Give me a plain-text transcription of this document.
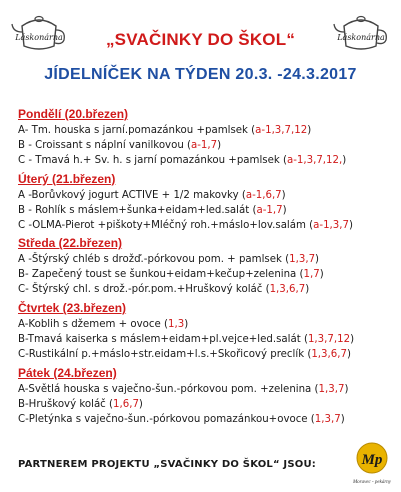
Láskonárna	Láskonárna
„SVAČINKY DO ŠKOL“
JÍDELNÍČEK NA TÝDEN 20.3. -24.3.2017
Pondělí (20.březen)
A- Tm. houska s jarní.pomazánkou +pamlsek (a-1,3,7,12)
B - Croissant s náplní vanilkovou (a-1,7)
C - Tmavá h.+ Sv. h. s jarní pomazánkou +pamlsek (a-1,3,7,12,)
Úterý (21.březen)
A -Borůvkový jogurt ACTIVE + 1/2 makovky (a-1,6,7)
B - Rohlík s máslem+šunka+eidam+led.salát (a-1,7)
C -OLMA-Pierot +piškoty+Mléčný roh.+máslo+lov.salám (a-1,3,7)
Středa (22.březen)
A -Štýrský chléb s drožď.-pórkovou pom. + pamlsek (1,3,7)
B- Zapečený toust se šunkou+eidam+kečup+zelenina (1,7)
C- Štýrský chl. s drož.-pór.pom.+Hruškový koláč (1,3,6,7)
Čtvrtek (23.březen)
A-Koblih s džemem + ovoce (1,3)
B-Tmavá kaiserka s máslem+eidam+pl.vejce+led.salát (1,3,7,12)
C-Rustikální p.+máslo+str.eidam+l.s.+Skořicový preclík (1,3,6,7)
Pátek (24.březen)
A-Světlá houska s vaječno-šun.-pórkovou pom. +zelenina (1,3,7)
B-Hruškový koláč (1,6,7)
C-Pletýnka s vaječno-šun.-pórkovou pomazánkou+ovoce (1,3,7)
PARTNEREM PROJEKTU „SVAČINKY DO ŠKOL“ JSOU:	Mp
Moravec - pekárny
